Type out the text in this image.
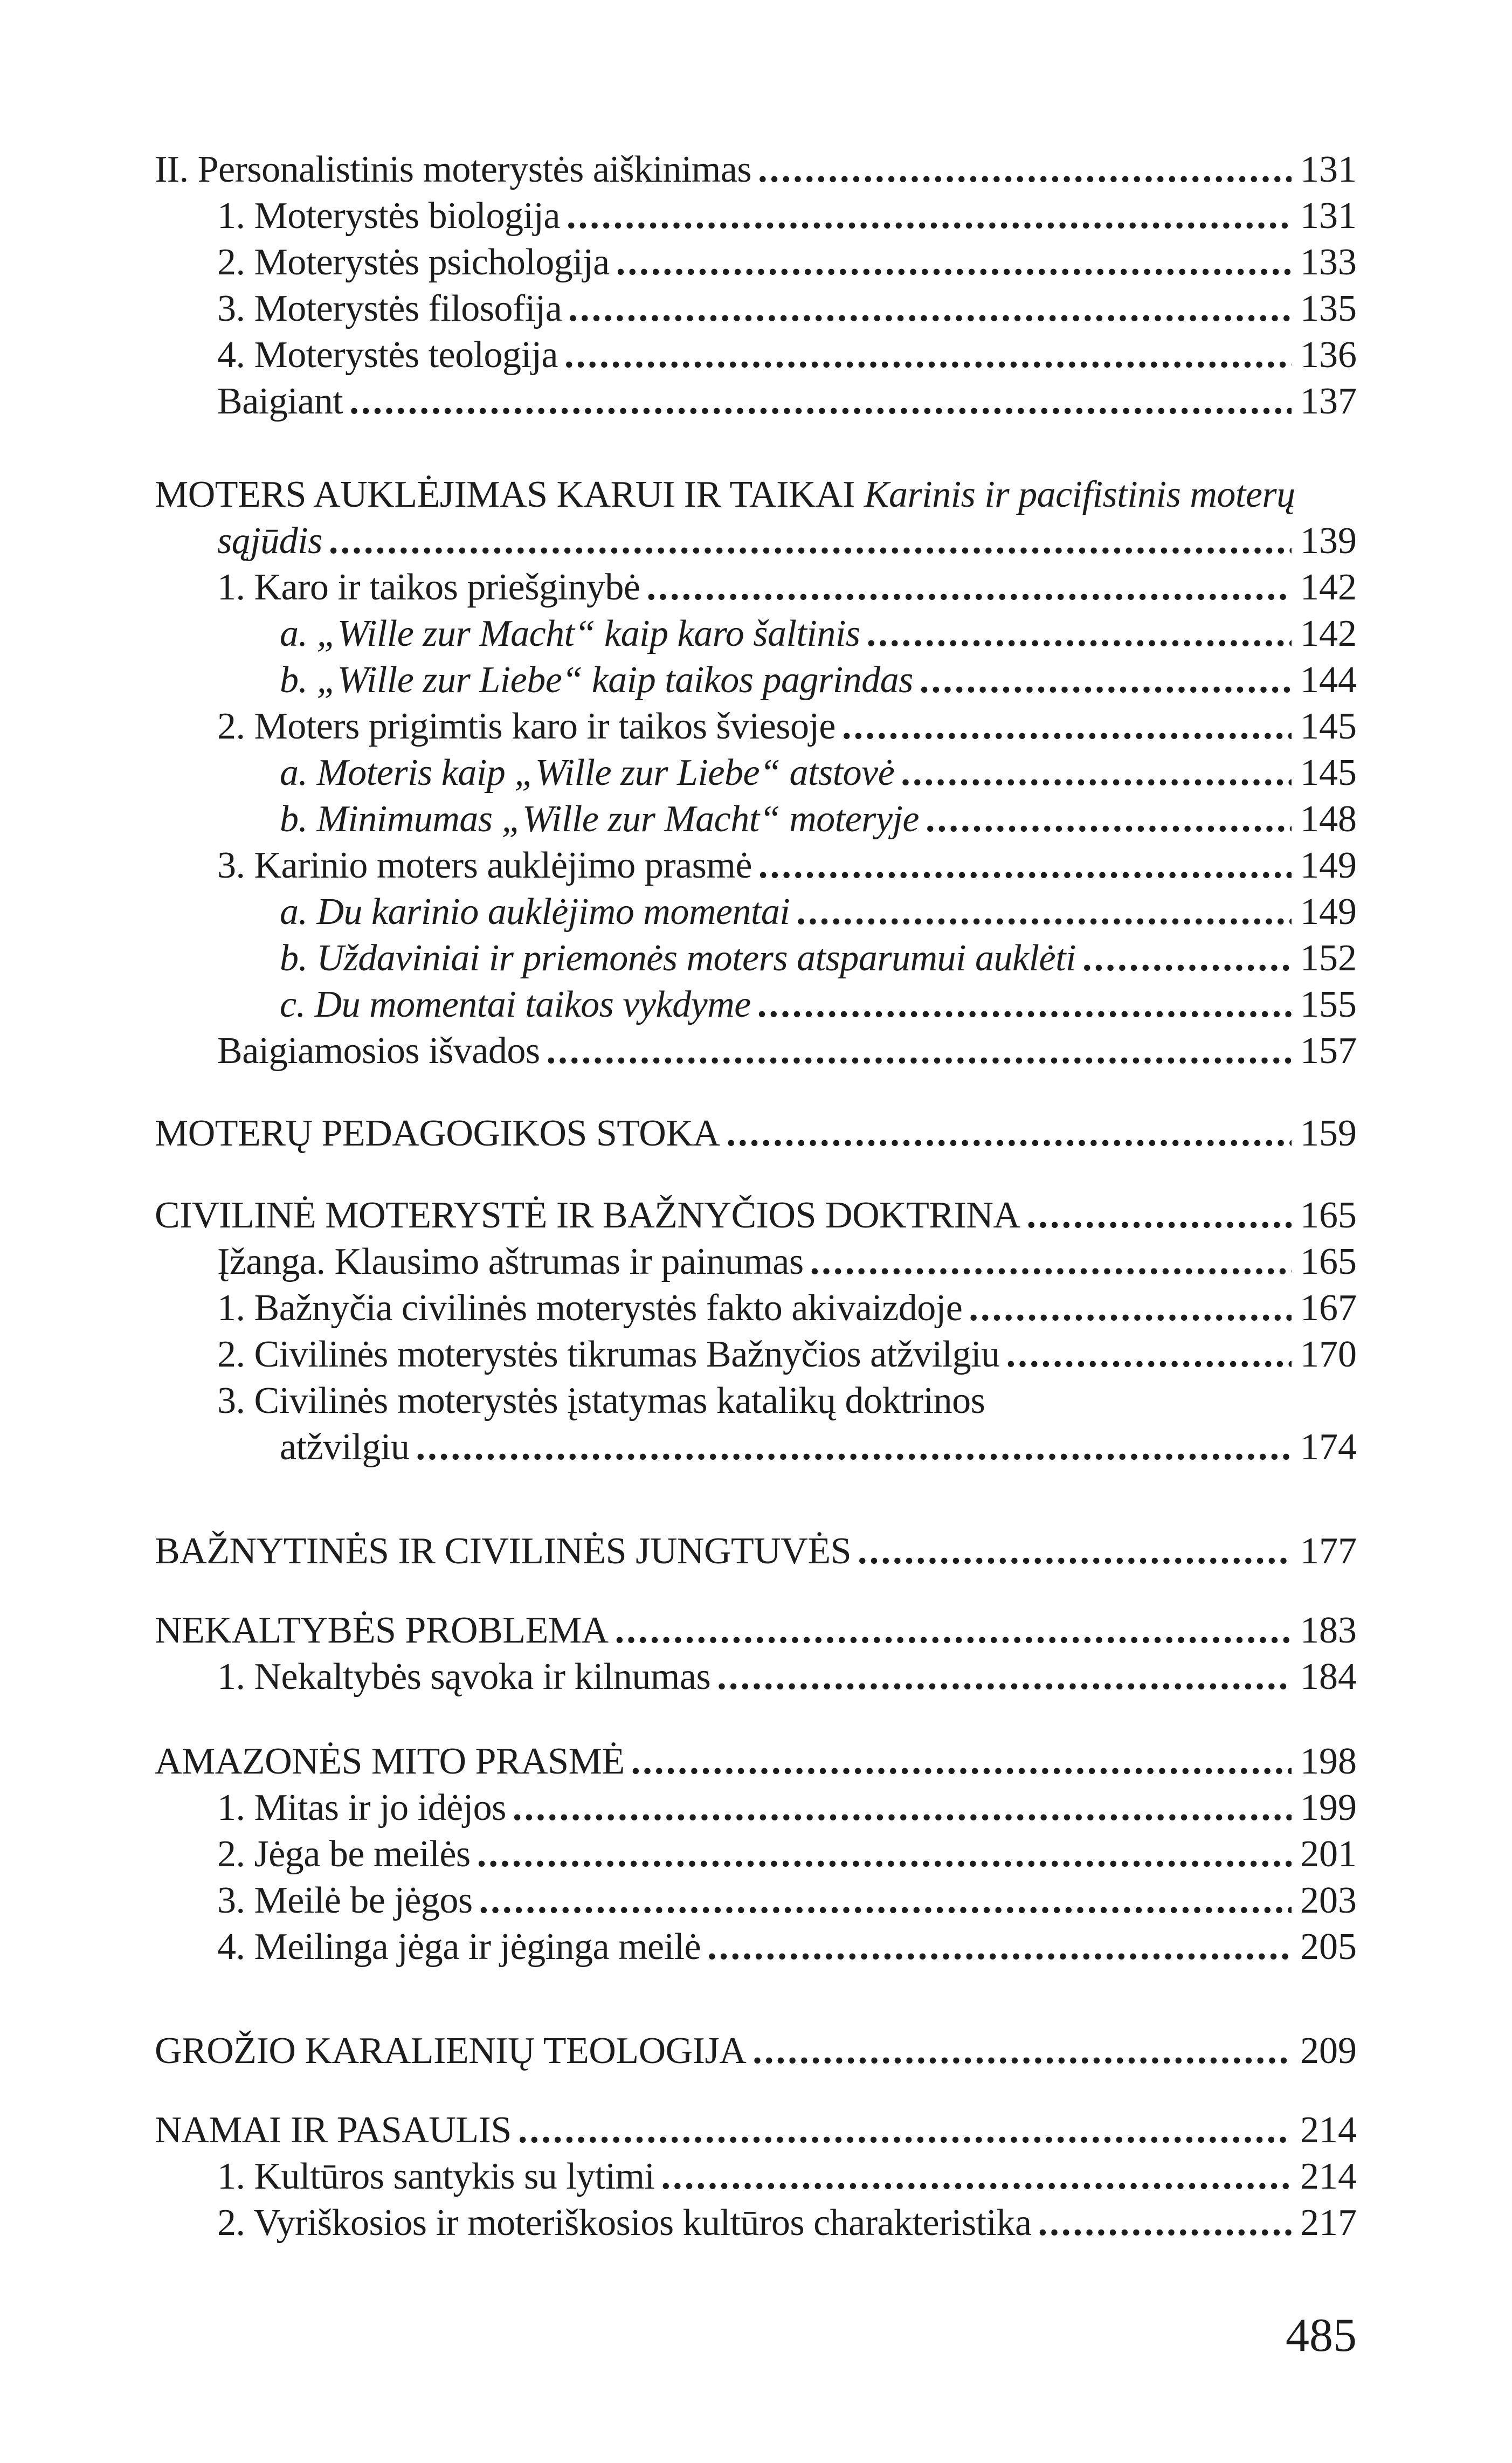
II. Personalistinis moterystės aiškinimas .....	131
1. Moterystės biologija .....	131
2. Moterystės psichologija .....	133
3. Moterystės filosofija .....	135
4. Moterystės teologija .....	136
Baigiant .....	137
MOTERS AUKLĖJIMAS KARUI IR TAIKAI Karinis ir pacifistinis moterų
sąjūdis .....	139
1. Karo ir taikos priešginybė .....	142
a. „Wille zur Macht“ kaip karo šaltinis .....	142
b. „Wille zur Liebe“ kaip taikos pagrindas .....	144
2. Moters prigimtis karo ir taikos šviesoje .....	145
a. Moteris kaip „Wille zur Liebe“ atstovė .....	145
b. Minimumas „Wille zur Macht“ moteryje .....	148
3. Karinio moters auklėjimo prasmė .....	149
a. Du karinio auklėjimo momentai .....	149
b. Uždaviniai ir priemonės moters atsparumui auklėti .....	152
c. Du momentai taikos vykdyme .....	155
Baigiamosios išvados .....	157
MOTERŲ PEDAGOGIKOS STOKA .....	159
CIVILINĖ MOTERYSTĖ IR BAŽNYČIOS DOKTRINA .....	165
Įžanga. Klausimo aštrumas ir painumas .....	165
1. Bažnyčia civilinės moterystės fakto akivaizdoje .....	167
2. Civilinės moterystės tikrumas Bažnyčios atžvilgiu .....	170
3. Civilinės moterystės įstatymas katalikų doktrinos
atžvilgiu .....	174
BAŽNYTINĖS IR CIVILINĖS JUNGTUVĖS .....	177
NEKALTYBĖS PROBLEMA .....	183
1. Nekaltybės sąvoka ir kilnumas .....	184
AMAZONĖS MITO PRASMĖ .....	198
1. Mitas ir jo idėjos .....	199
2. Jėga be meilės .....	201
3. Meilė be jėgos .....	203
4. Meilinga jėga ir jėginga meilė .....	205
GROŽIO KARALIENIŲ TEOLOGIJA .....	209
NAMAI IR PASAULIS .....	214
1. Kultūros santykis su lytimi .....	214
2. Vyriškosios ir moteriškosios kultūros charakteristika .....	217
485
